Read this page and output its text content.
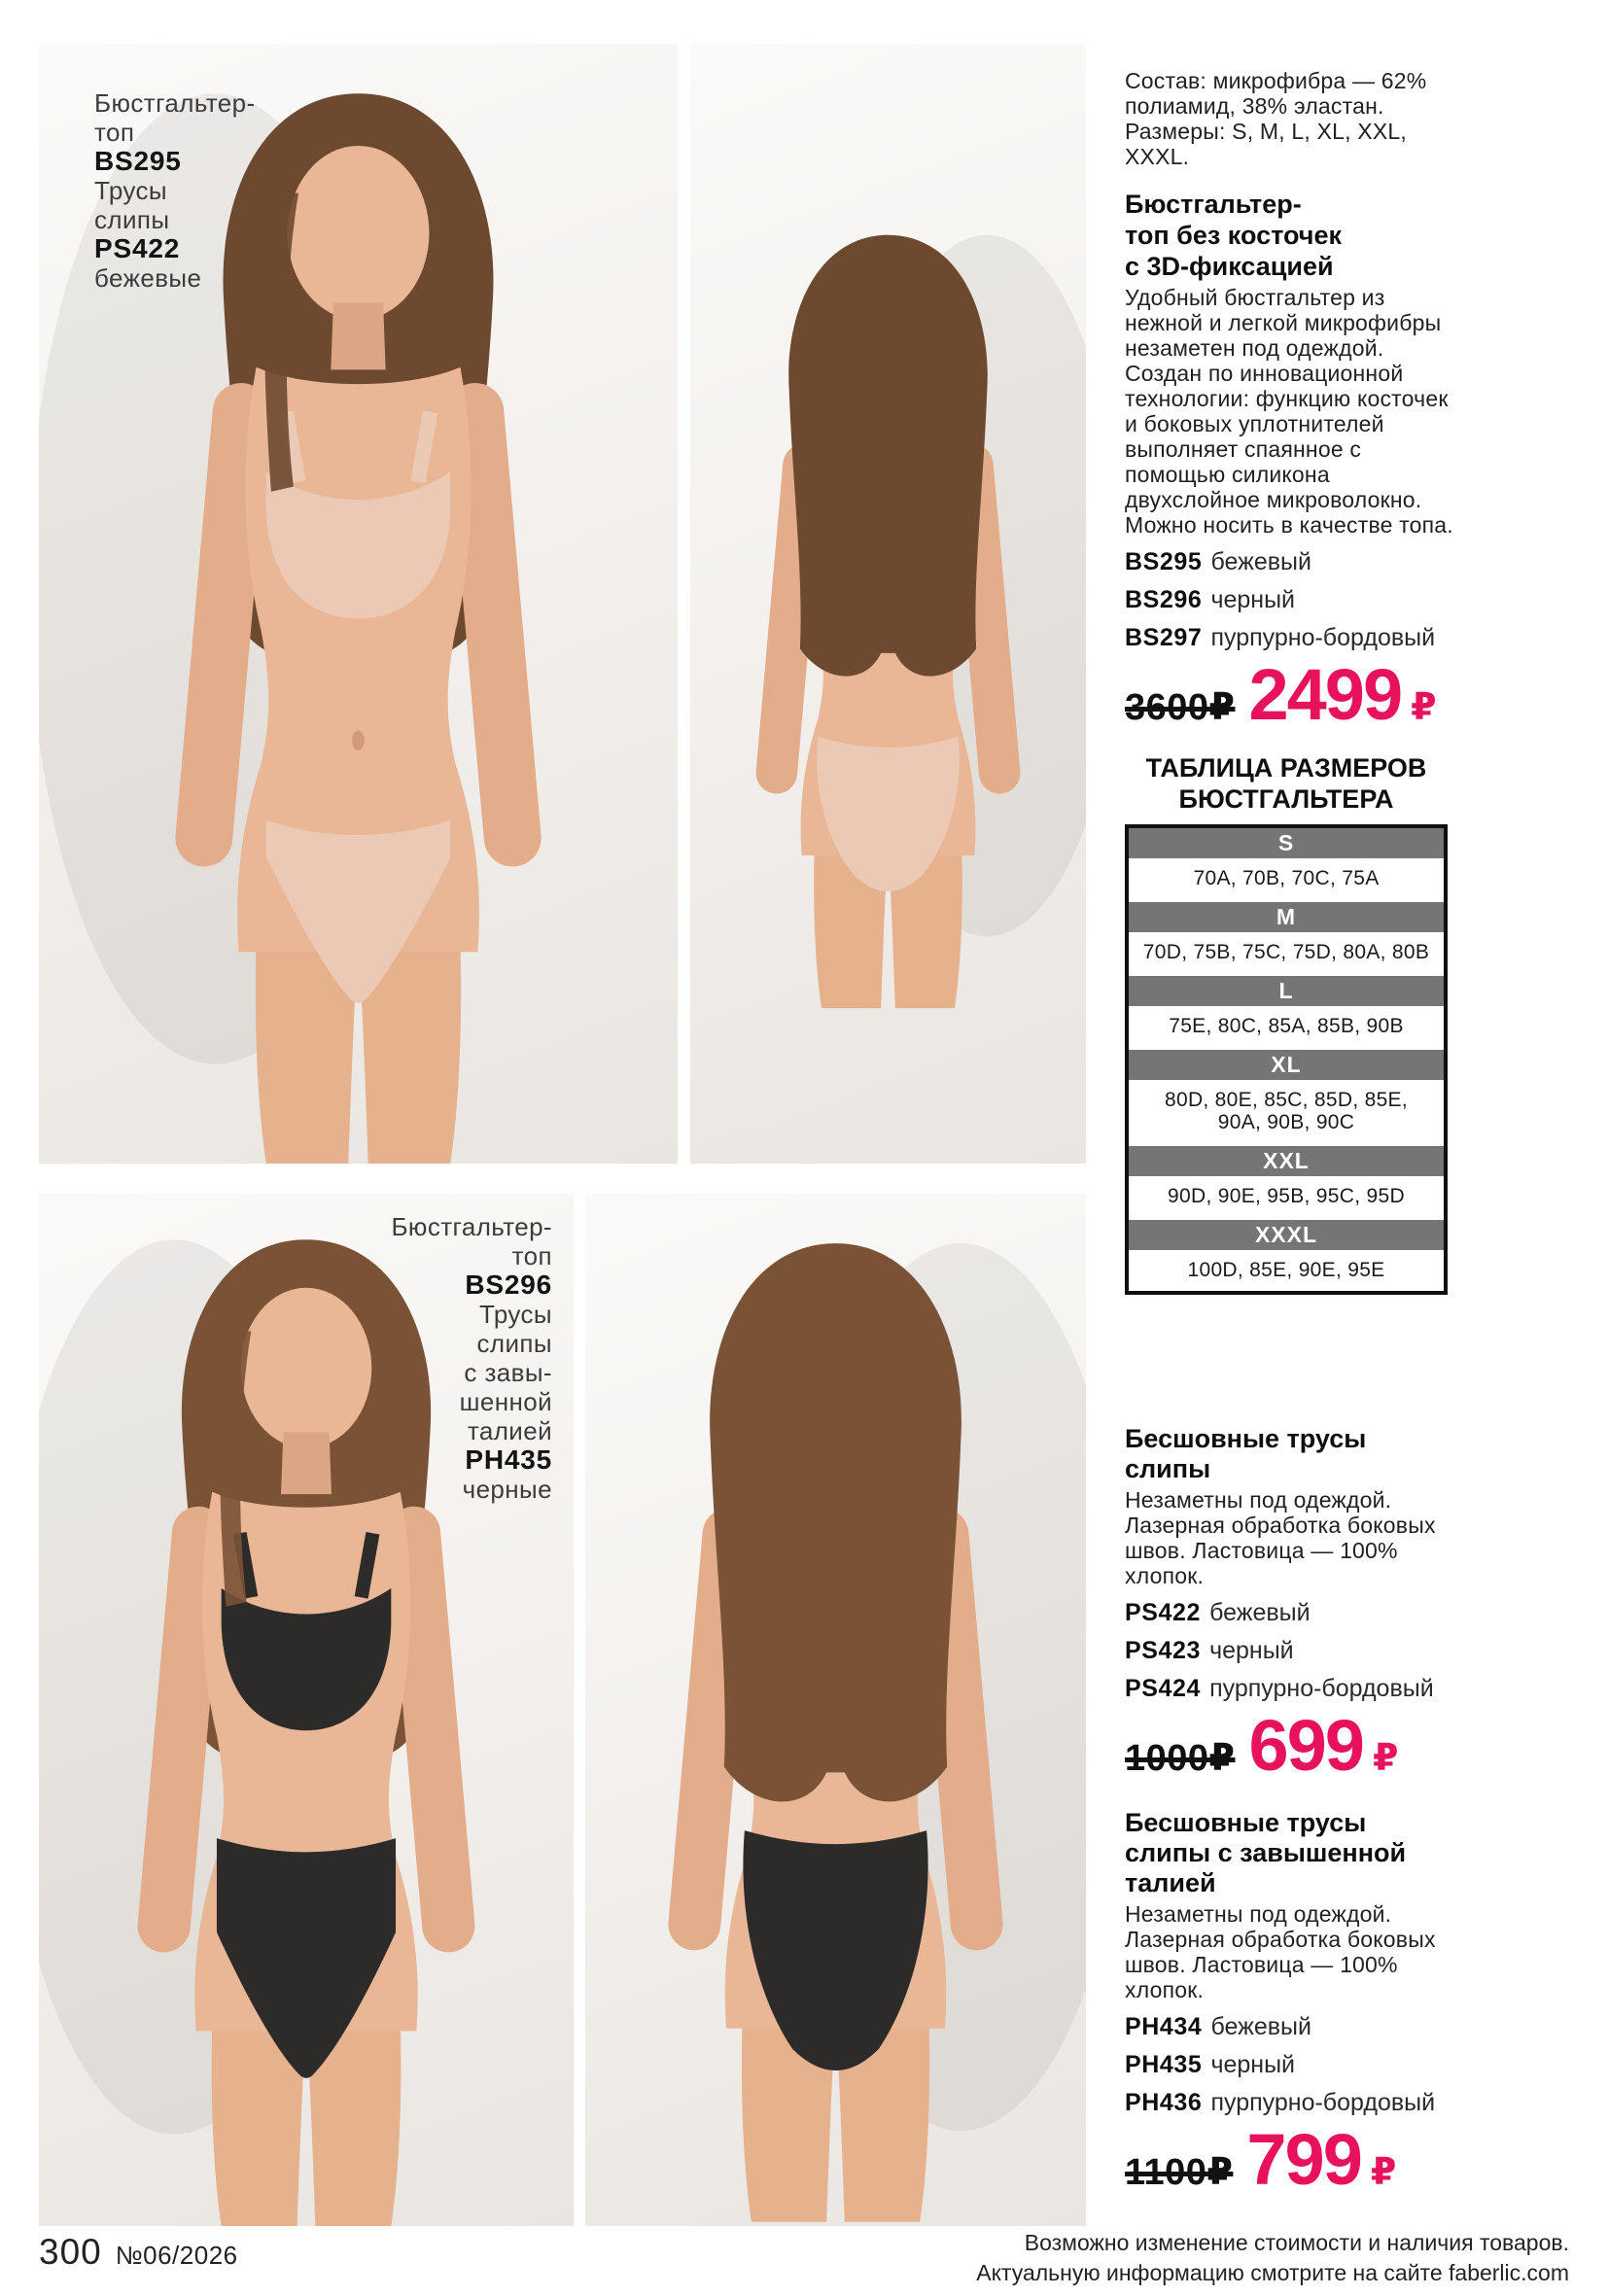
Бюстгальтер-
топ
BS295
Трусы
слипы
PS422
бежевые
Бюстгальтер-
топ
BS296
Трусы
слипы
с завы-
шенной
талией
PH435
черные

Состав: микрофибра — 62% полиамид, 38% эластан. Размеры: S, M, L, XL, XXL, XXXL.

Бюстгальтер-
топ без косточек
с 3D-фиксацией

Удобный бюстгальтер из нежной и легкой микрофибры незаметен под одеждой. Создан по инновационной технологии: функцию косточек и боковых уплотнителей выполняет спаянное с помощью силикона двухслойное микроволокно. Можно носить в качестве топа.

BS295 бежевый
BS296 черный
BS297 пурпурно-бордовый
3600₽ 2499 ₽
ТАБЛИЦА РАЗМЕРОВ
БЮСТГАЛЬТЕРА
S
70A, 70B, 70C, 75A
M
70D, 75B, 75C, 75D, 80A, 80B
L
75E, 80C, 85A, 85B, 90B
XL
80D, 80E, 85C, 85D, 85E, 90A, 90B, 90C
XXL
90D, 90E, 95B, 95C, 95D
XXXL
100D, 85E, 90E, 95E
Бесшовные трусы
слипы

Незаметны под одеждой. Лазерная обработка боковых швов. Ластовица — 100% хлопок.

PS422 бежевый
PS423 черный
PS424 пурпурно-бордовый
1000₽ 699 ₽
Бесшовные трусы
слипы с завышенной
талией

Незаметны под одеждой. Лазерная обработка боковых швов. Ластовица — 100% хлопок.

PH434 бежевый
PH435 черный
PH436 пурпурно-бордовый
1100₽ 799 ₽
300 №06/2026	Возможно изменение стоимости и наличия товаров.
Актуальную информацию смотрите на сайте faberlic.com
